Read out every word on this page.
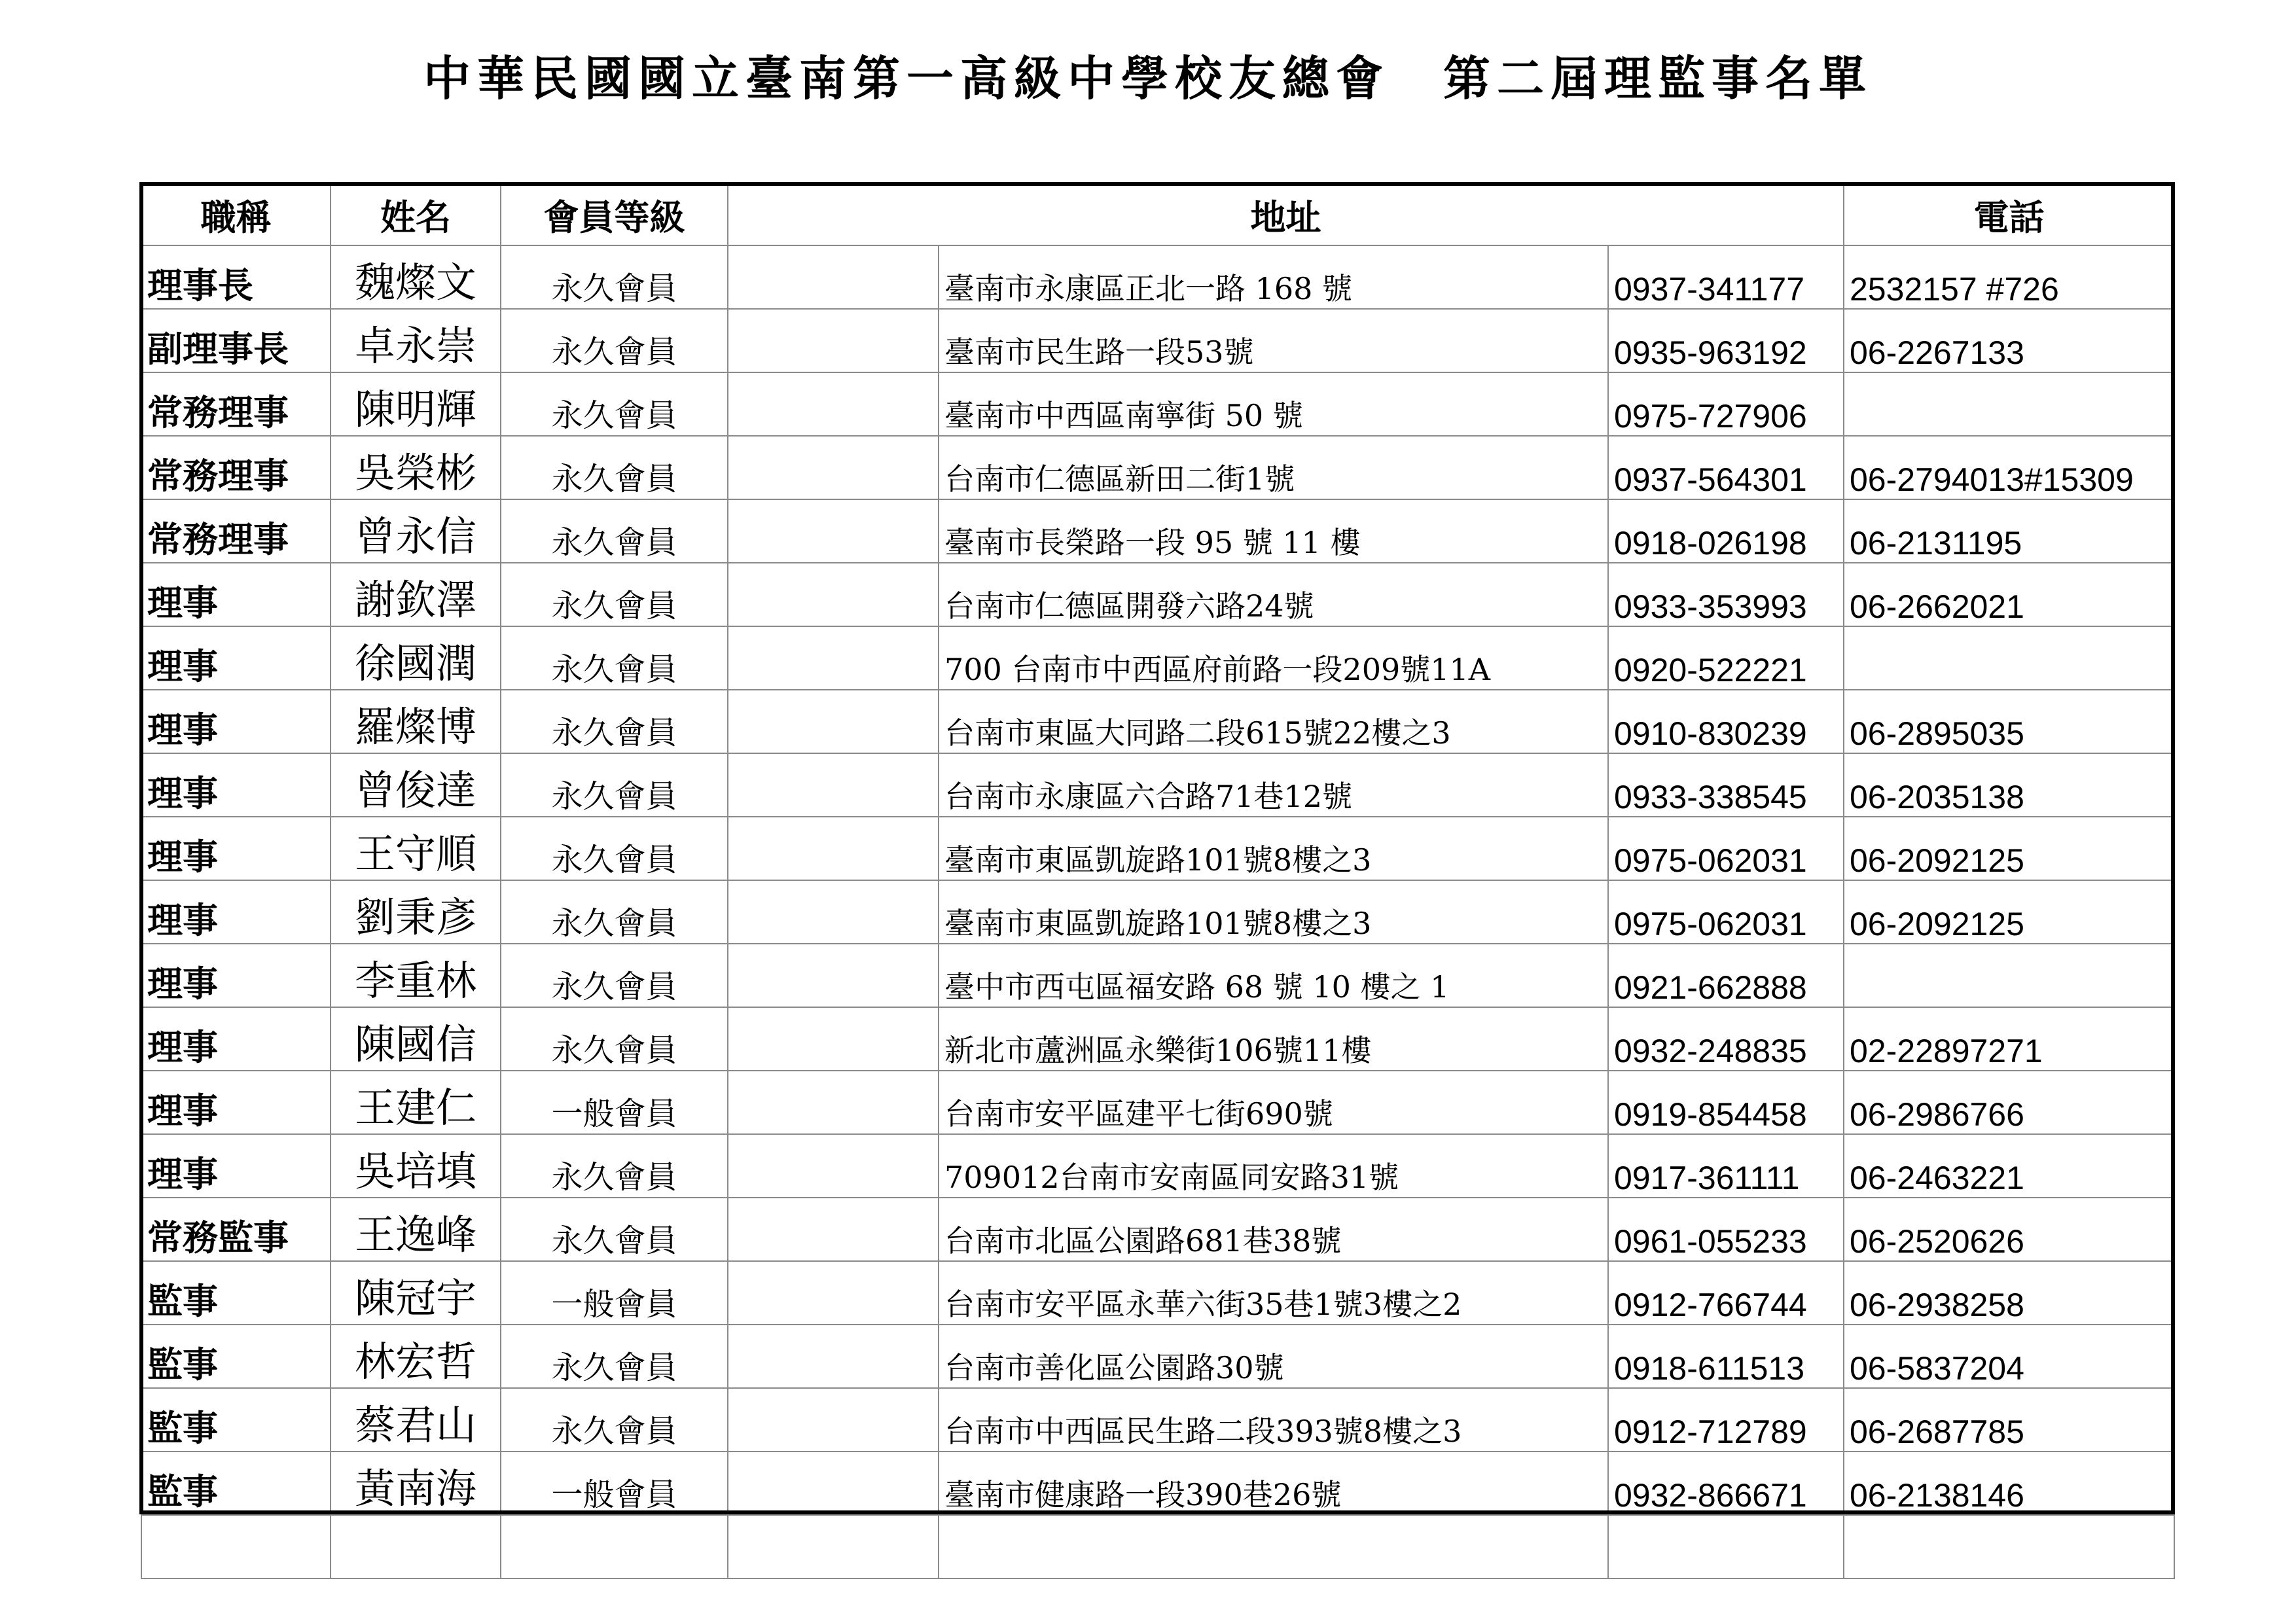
中華民國國立臺南第一高級中學校友總會　第二屆理監事名單
職稱	姓名	會員等級	地址			電話
理事長	魏燦文	永久會員		臺南市永康區正北一路 168 號	0937-341177	2532157 #726
副理事長	卓永崇	永久會員		臺南市民生路一段53號	0935-963192	06-2267133
常務理事	陳明輝	永久會員		臺南市中西區南寧街 50 號	0975-727906	
常務理事	吳榮彬	永久會員		台南市仁德區新田二街1號	0937-564301	06-2794013#15309
常務理事	曾永信	永久會員		臺南市長榮路一段 95 號 11 樓	0918-026198	06-2131195
理事	謝欽澤	永久會員		台南市仁德區開發六路24號	0933-353993	06-2662021
理事	徐國潤	永久會員		700 台南市中西區府前路一段209號11A	0920-522221	
理事	羅燦博	永久會員		台南市東區大同路二段615號22樓之3	0910-830239	06-2895035
理事	曾俊達	永久會員		台南市永康區六合路71巷12號	0933-338545	06-2035138
理事	王守順	永久會員		臺南市東區凱旋路101號8樓之3	0975-062031	06-2092125
理事	劉秉彥	永久會員		臺南市東區凱旋路101號8樓之3	0975-062031	06-2092125
理事	李重林	永久會員		臺中市西屯區福安路 68 號 10 樓之 1	0921-662888	
理事	陳國信	永久會員		新北市蘆洲區永樂街106號11樓	0932-248835	02-22897271
理事	王建仁	一般會員		台南市安平區建平七街690號	0919-854458	06-2986766
理事	吳培填	永久會員		709012台南市安南區同安路31號	0917-361111	06-2463221
常務監事	王逸峰	永久會員		台南市北區公園路681巷38號	0961-055233	06-2520626
監事	陳冠宇	一般會員		台南市安平區永華六街35巷1號3樓之2	0912-766744	06-2938258
監事	林宏哲	永久會員		台南市善化區公園路30號	0918-611513	06-5837204
監事	蔡君山	永久會員		台南市中西區民生路二段393號8樓之3	0912-712789	06-2687785
監事	黃南海	一般會員		臺南市健康路一段390巷26號	0932-866671	06-2138146
